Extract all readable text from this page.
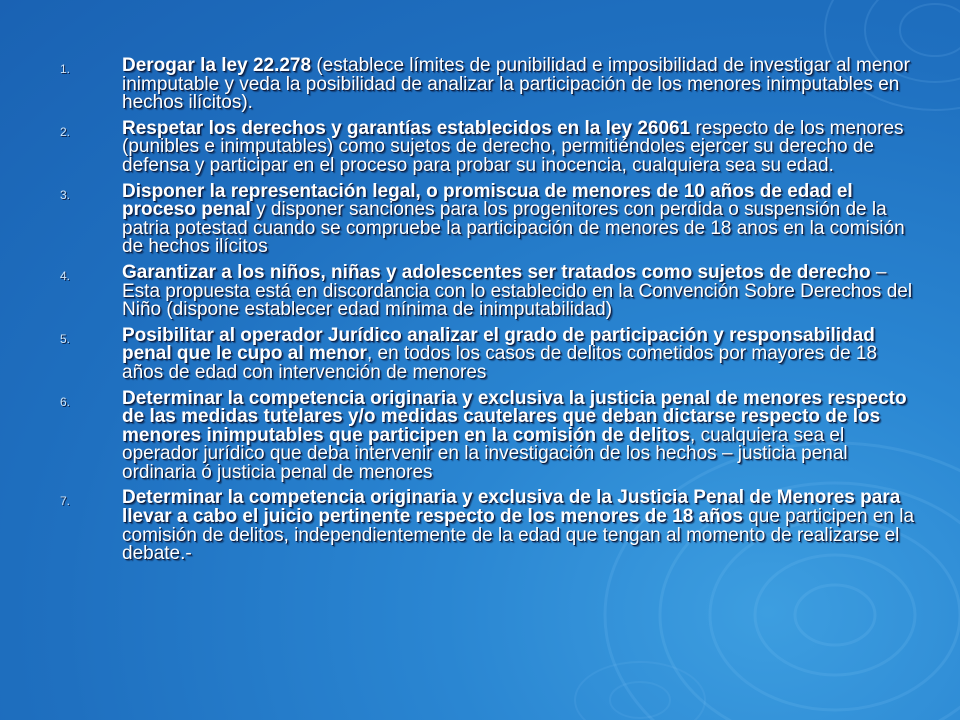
1.	Derogar la ley 22.278 (establece límites de punibilidad e imposibilidad de investigar al menor inimputable y veda la posibilidad de analizar la participación de los menores inimputables en hechos ilícitos).
2.	Respetar los derechos y garantías establecidos en la ley 26061 respecto de los menores (punibles e inimputables) como sujetos de derecho, permitiéndoles ejercer su derecho de defensa y participar en el proceso para probar su inocencia, cualquiera sea su edad.
3.	Disponer la representación legal, o promiscua de menores de 10 años de edad el proceso penal y disponer sanciones para los progenitores con perdida o suspensión de la patria potestad cuando se compruebe la participación de menores de 18 anos en la comisión de hechos ilícitos
4.	Garantizar a los niños, niñas y adolescentes ser tratados como sujetos de derecho – Esta propuesta está en discordancia con lo establecido en la Convención Sobre Derechos del Niño (dispone establecer edad mínima de inimputabilidad)
5.	Posibilitar al operador Jurídico analizar el grado de participación y responsabilidad penal que le cupo al menor, en todos los casos de delitos cometidos por mayores de 18 años de edad con intervención de menores
6.	Determinar la competencia originaria y exclusiva la justicia penal de menores respecto de las medidas tutelares y/o medidas cautelares que deban dictarse respecto de los menores inimputables que participen en la comisión de delitos, cualquiera sea el operador jurídico que deba intervenir en la investigación de los hechos – justicia penal ordinaria ó justicia penal de menores
7.	Determinar la competencia originaria y exclusiva de la Justicia Penal de Menores para llevar a cabo el juicio pertinente respecto de los menores de 18 años que participen en la comisión de delitos, independientemente de la edad que tengan al momento de realizarse el debate.-
